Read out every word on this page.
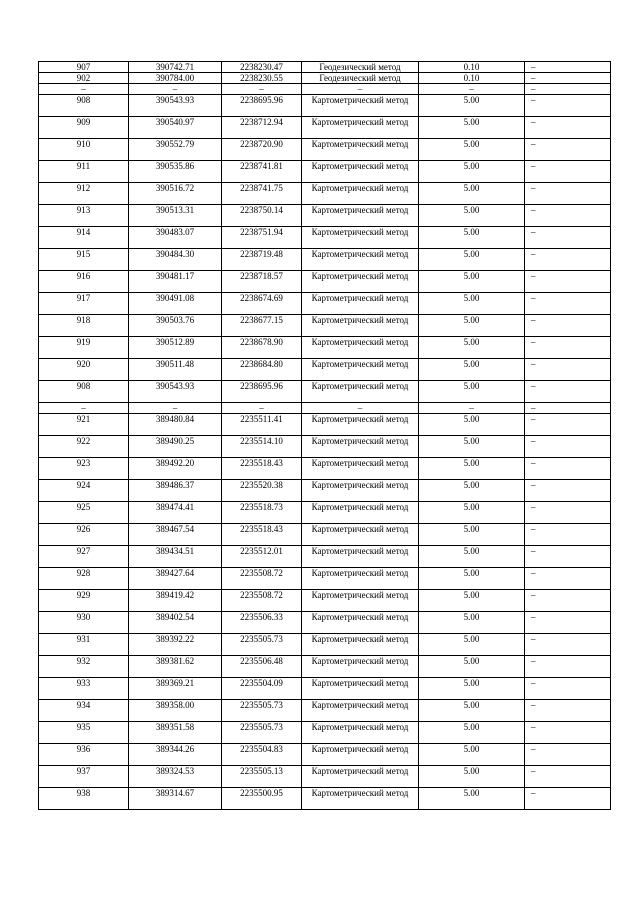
907	390742.71	2238230.47	Геодезический метод	0.10	–
902	390784.00	2238230.55	Геодезический метод	0.10	–
–	–	–	–	–	–
908	390543.93	2238695.96	Картометрический метод	5.00	–
909	390540.97	2238712.94	Картометрический метод	5.00	–
910	390552.79	2238720.90	Картометрический метод	5.00	–
911	390535.86	2238741.81	Картометрический метод	5.00	–
912	390516.72	2238741.75	Картометрический метод	5.00	–
913	390513.31	2238750.14	Картометрический метод	5.00	–
914	390483.07	2238751.94	Картометрический метод	5.00	–
915	390484.30	2238719.48	Картометрический метод	5.00	–
916	390481.17	2238718.57	Картометрический метод	5.00	–
917	390491.08	2238674.69	Картометрический метод	5.00	–
918	390503.76	2238677.15	Картометрический метод	5.00	–
919	390512.89	2238678.90	Картометрический метод	5.00	–
920	390511.48	2238684.80	Картометрический метод	5.00	–
908	390543.93	2238695.96	Картометрический метод	5.00	–
–	–	–	–	–	–
921	389480.84	2235511.41	Картометрический метод	5.00	–
922	389490.25	2235514.10	Картометрический метод	5.00	–
923	389492.20	2235518.43	Картометрический метод	5.00	–
924	389486.37	2235520.38	Картометрический метод	5.00	–
925	389474.41	2235518.73	Картометрический метод	5.00	–
926	389467.54	2235518.43	Картометрический метод	5.00	–
927	389434.51	2235512.01	Картометрический метод	5.00	–
928	389427.64	2235508.72	Картометрический метод	5.00	–
929	389419.42	2235508.72	Картометрический метод	5.00	–
930	389402.54	2235506.33	Картометрический метод	5.00	–
931	389392.22	2235505.73	Картометрический метод	5.00	–
932	389381.62	2235506.48	Картометрический метод	5.00	–
933	389369.21	2235504.09	Картометрический метод	5.00	–
934	389358.00	2235505.73	Картометрический метод	5.00	–
935	389351.58	2235505.73	Картометрический метод	5.00	–
936	389344.26	2235504.83	Картометрический метод	5.00	–
937	389324.53	2235505.13	Картометрический метод	5.00	–
938	389314.67	2235500.95	Картометрический метод	5.00	–
